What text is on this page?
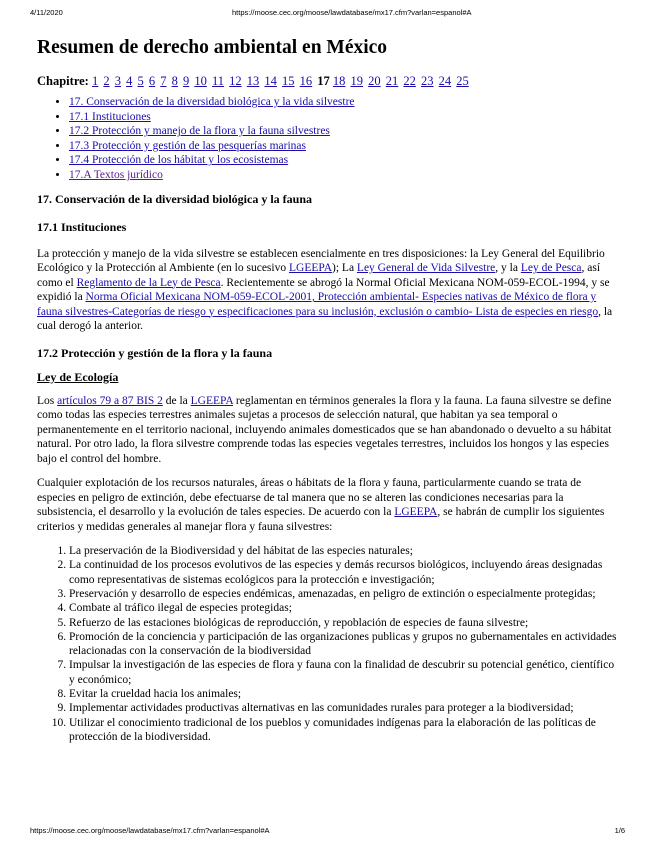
4/11/2020	https://moose.cec.org/moose/lawdatabase/mx17.cfm?varlan=espanol#A
Resumen de derecho ambiental en México
Chapitre: 1 2 3 4 5 6 7 8 9 10 11 12 13 14 15 16 17 18 19 20 21 22 23 24 25
• 17. Conservación de la diversidad biológica y la vida silvestre
• 17.1 Instituciones
• 17.2 Protección y manejo de la flora y la fauna silvestres
• 17.3 Protección y gestión de las pesquerías marinas
• 17.4 Protección de los hábitat y los ecosistemas
• 17.A Textos jurídico
17. Conservación de la diversidad biológica y la fauna
17.1 Instituciones

La protección y manejo de la vida silvestre se establecen esencialmente en tres disposiciones: la Ley General del Equilibrio Ecológico y la Protección al Ambiente (en lo sucesivo LGEEPA); La Ley General de Vida Silvestre, y la Ley de Pesca, así como el Reglamento de la Ley de Pesca. Recientemente se abrogó la Normal Oficial Mexicana NOM-059-ECOL-1994, y se expidió la Norma Oficial Mexicana NOM-059-ECOL-2001, Protección ambiental- Especies nativas de México de flora y fauna silvestres-Categorías de riesgo y especificaciones para su inclusión, exclusión o cambio- Lista de especies en riesgo, la cual derogó la anterior.

17.2 Protección y gestión de la flora y la fauna
Ley de Ecología

Los artículos 79 a 87 BIS 2 de la LGEEPA reglamentan en términos generales la flora y la fauna. La fauna silvestre se define como todas las especies terrestres animales sujetas a procesos de selección natural, que habitan ya sea temporal o permanentemente en el territorio nacional, incluyendo animales domesticados que se han abandonado o devuelto a su hábitat natural. Por otro lado, la flora silvestre comprende todas las especies vegetales terrestres, incluidos los hongos y las especies bajo el control del hombre.

Cualquier explotación de los recursos naturales, áreas o hábitats de la flora y fauna, particularmente cuando se trata de especies en peligro de extinción, debe efectuarse de tal manera que no se alteren las condiciones necesarias para la subsistencia, el desarrollo y la evolución de tales especies. De acuerdo con la LGEEPA, se habrán de cumplir los siguientes criterios y medidas generales al manejar flora y fauna silvestres:

1. La preservación de la Biodiversidad y del hábitat de las especies naturales;
2. La continuidad de los procesos evolutivos de las especies y demás recursos biológicos, incluyendo áreas designadas como representativas de sistemas ecológicos para la protección e investigación;
3. Preservación y desarrollo de especies endémicas, amenazadas, en peligro de extinción o especialmente protegidas;
4. Combate al tráfico ilegal de especies protegidas;
5. Refuerzo de las estaciones biológicas de reproducción, y repoblación de especies de fauna silvestre;
6. Promoción de la conciencia y participación de las organizaciones publicas y grupos no gubernamentales en actividades relacionadas con la conservación de la biodiversidad
7. Impulsar la investigación de las especies de flora y fauna con la finalidad de descubrir su potencial genético, científico y económico;
8. Evitar la crueldad hacia los animales;
9. Implementar actividades productivas alternativas en las comunidades rurales para proteger a la biodiversidad;
10. Utilizar el conocimiento tradicional de los pueblos y comunidades indígenas para la elaboración de las políticas de protección de la biodiversidad.
https://moose.cec.org/moose/lawdatabase/mx17.cfm?varlan=espanol#A	1/6
